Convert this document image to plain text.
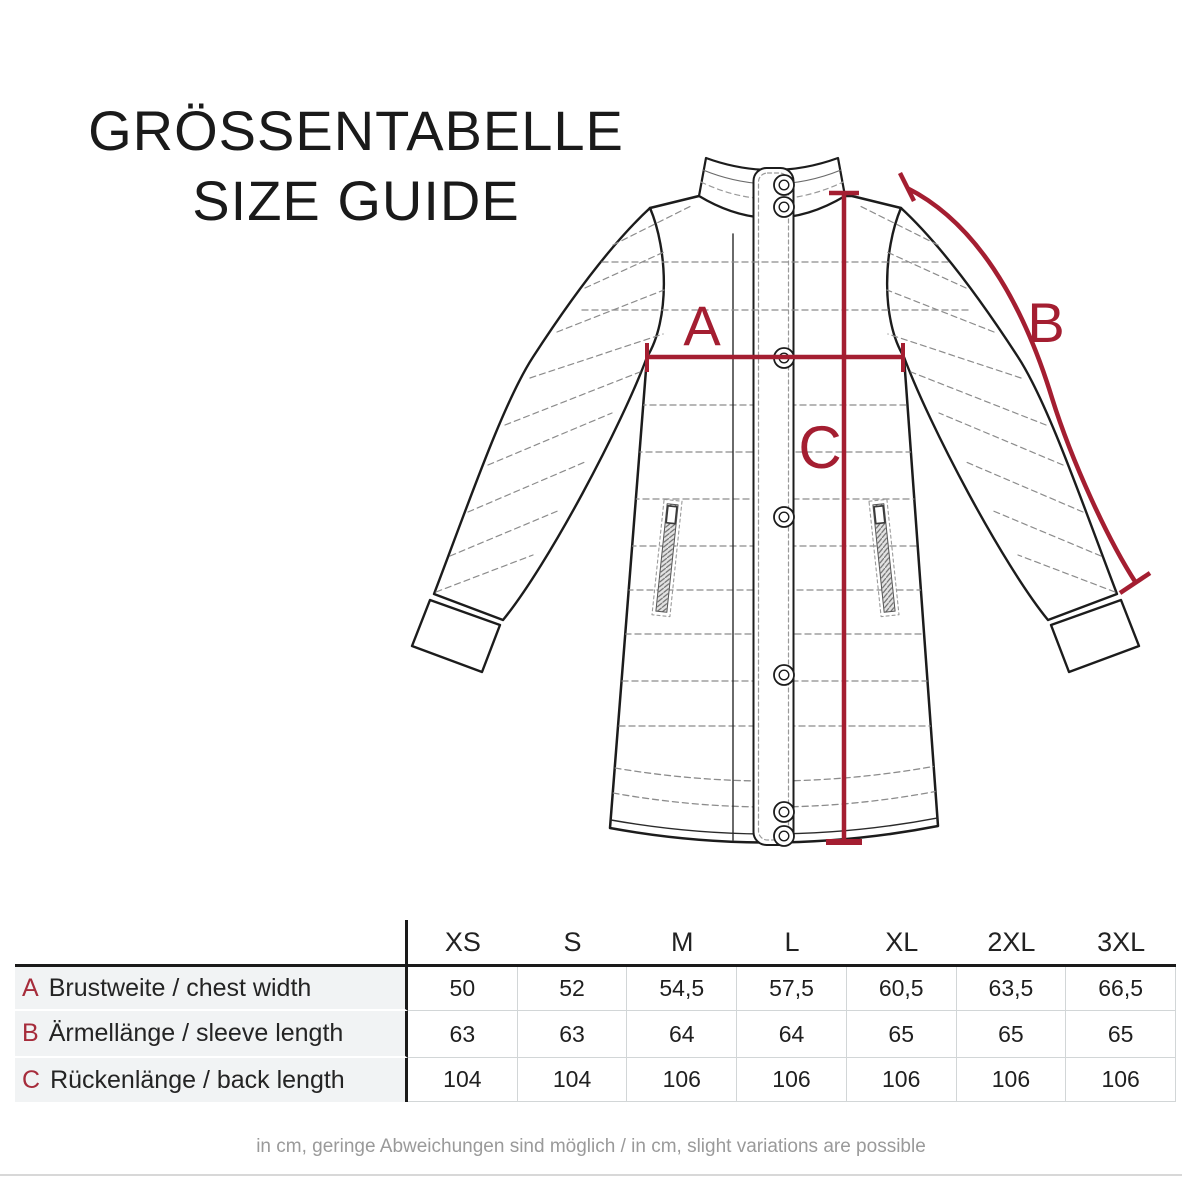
GRÖSSENTABELLE
SIZE GUIDE
A	B
C
XS	S	M	L	XL	2XL	3XL
A Brustweite / chest width	50	52	54,5	57,5	60,5	63,5	66,5
B Ärmellänge / sleeve length	63	63	64	64	65	65	65
C Rückenlänge / back length	104	104	106	106	106	106	106
in cm, geringe Abweichungen sind möglich / in cm, slight variations are possible
